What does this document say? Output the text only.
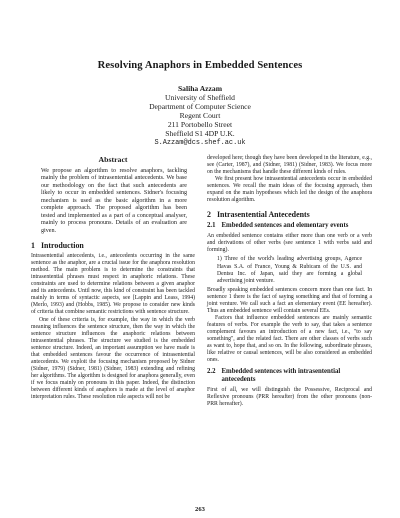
Resolving Anaphors in Embedded Sentences
Saliha Azzam
University of Sheffield
Department of Computer Science
Regent Court
211 Portobello Street
Sheffield S1 4DP U.K.
S.Azzam@dcs.shef.ac.uk
Abstract

We propose an algorithm to resolve anaphors, tackling mainly the problem of intrasentential antecedents. We base our methodology on the fact that such antecedents are likely to occur in embedded sentences. Sidner's focusing mechanism is used as the basic algorithm in a more complete approach. The proposed algorithm has been tested and implemented as a part of a conceptual analyser, mainly to process pronouns. Details of an evaluation are given.

1 Introduction

Intrasentential antecedents, i.e., antecedents occurring in the same sentence as the anaphor, are a crucial issue for the anaphora resolution method. The main problem is to determine the constraints that intrasentential phrases must respect in anaphoric relations. These constraints are used to determine relations between a given anaphor and its antecedents. Until now, this kind of constraint has been tackled mainly in terms of syntactic aspects, see [Lappin and Leass, 1994) (Merlo, 1993) and (Hobbs, 1985). We propose to consider new kinds of criteria that combine semantic restrictions with sentence structure.

One of these criteria is, for example, the way in which the verb meaning influences the sentence structure, then the way in which the sentence structure influences the anaphoric relations between intrasentential phrases. The structure we studied is the embedded sentence structure. Indeed, an important assumption we have made is that embedded sentences favour the occurrence of intrasentential antecedents. We exploit the focusing mechanism proposed by Sidner (Sidner, 1979) (Sidner, 1981) (Sidner, 1983) extending and refining her algorithms. The algorithm is designed for anaphora generally, even if we focus mainly on pronouns in this paper. Indeed, the distinction between different kinds of anaphors is made at the level of anaphor interpretation rules. These resolution rule aspects will not be

developed here; though they have been developed in the literature, e.g., see (Carter, 1987), and (Sidner, 1981) (Sidner, 1983). We focus more on the mechanisms that handle these different kinds of rules.

We first present how intrasentential antecedents occur in embedded sentences. We recall the main ideas of the focusing approach, then expand on the main hypotheses which led the design of the anaphora resolution algorithm.

2 Intrasentential Antecedents
2.1 Embedded sentences and elementary events

An embedded sentence contains either more than one verb or a verb and derivations of other verbs (see sentence 1 with verbs said and forming).

1) Three of the world's leading advertising groups, Agence Havas S.A. of France, Young & Rubicam of the U.S. and Dentsu Inc. of Japan, said they are forming a global advertising joint venture.

Broadly speaking embedded sentences concern more than one fact. In sentence 1 there is the fact of saying something and that of forming a joint venture. We call such a fact an elementary event (EE hereafter). Thus an embedded sentence will contain several EEs.

Factors that influence embedded sentences are mainly semantic features of verbs. For example the verb to say, that takes a sentence complement favours an introduction of a new fact, i.e., "to say something", and the related fact. There are other classes of verbs such as want to, hope that, and so on. In the following, subordinate phrases, like relative or causal sentences, will be also considered as embedded ones.

2.2 Embedded sentences with intrasentential antecedents

First of all, we will distinguish the Possessive, Reciprocal and Reflexive pronouns (PRR hereafter) from the other pronouns (non-PRR hereafter).

263
